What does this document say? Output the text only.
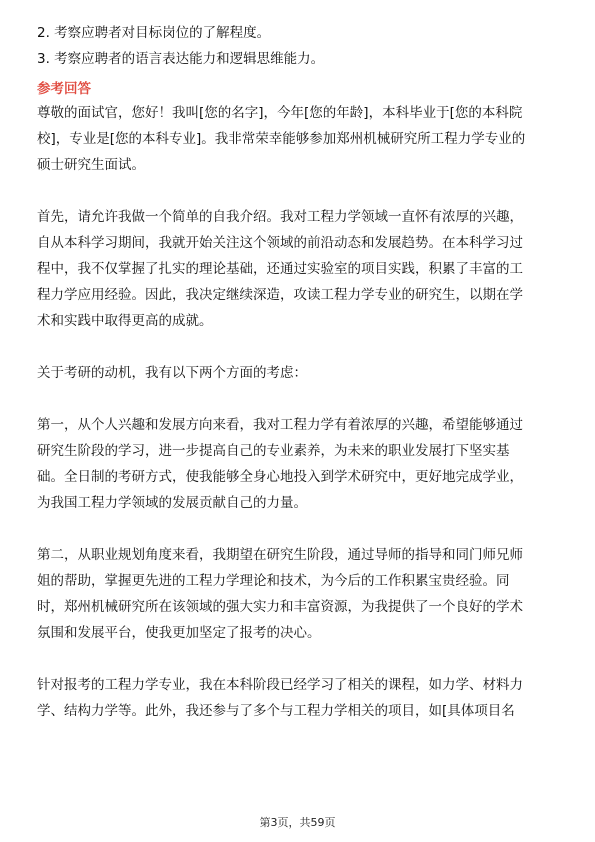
2. 考察应聘者对目标岗位的了解程度。
3. 考察应聘者的语言表达能力和逻辑思维能力。
参考回答

尊敬的面试官，您好！我叫[您的名字]，今年[您的年龄]，本科毕业于[您的本科院

校]，专业是[您的本科专业]。我非常荣幸能够参加郑州机械研究所工程力学专业的

硕士研究生面试。

首先，请允许我做一个简单的自我介绍。我对工程力学领域一直怀有浓厚的兴趣，

自从本科学习期间，我就开始关注这个领域的前沿动态和发展趋势。在本科学习过

程中，我不仅掌握了扎实的理论基础，还通过实验室的项目实践，积累了丰富的工

程力学应用经验。因此，我决定继续深造，攻读工程力学专业的研究生，以期在学

术和实践中取得更高的成就。

关于考研的动机，我有以下两个方面的考虑：

第一，从个人兴趣和发展方向来看，我对工程力学有着浓厚的兴趣，希望能够通过

研究生阶段的学习，进一步提高自己的专业素养，为未来的职业发展打下坚实基

础。全日制的考研方式，使我能够全身心地投入到学术研究中，更好地完成学业，

为我国工程力学领域的发展贡献自己的力量。

第二，从职业规划角度来看，我期望在研究生阶段，通过导师的指导和同门师兄师

姐的帮助，掌握更先进的工程力学理论和技术，为今后的工作积累宝贵经验。同

时，郑州机械研究所在该领域的强大实力和丰富资源，为我提供了一个良好的学术

氛围和发展平台，使我更加坚定了报考的决心。

针对报考的工程力学专业，我在本科阶段已经学习了相关的课程，如力学、材料力

学、结构力学等。此外，我还参与了多个与工程力学相关的项目，如[具体项目名

第3页，共59页
